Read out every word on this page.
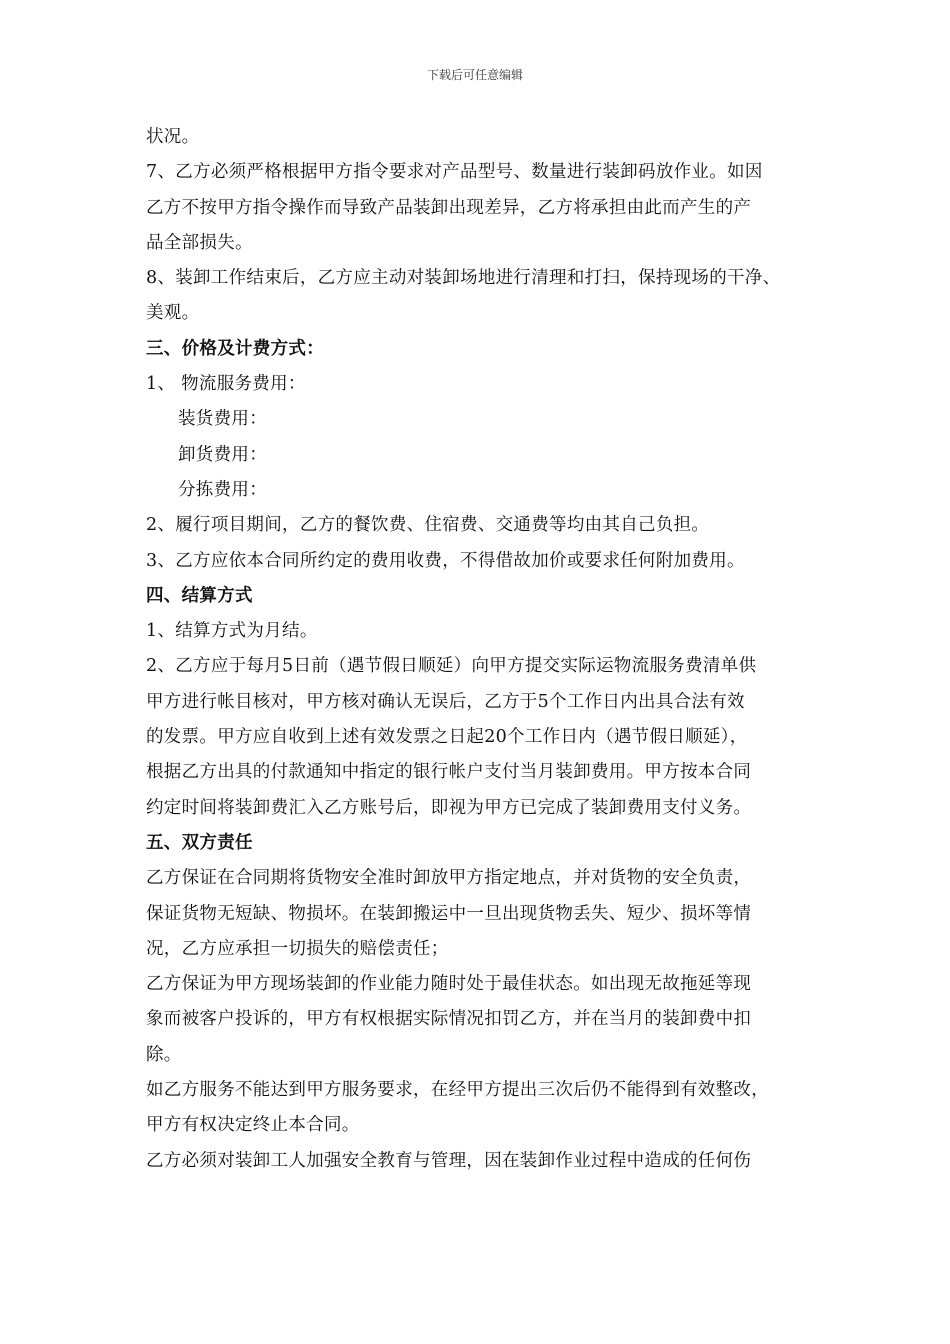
下载后可任意编辑
状况。
7、乙方必须严格根据甲方指令要求对产品型号、数量进行装卸码放作业。如因
乙方不按甲方指令操作而导致产品装卸出现差异，乙方将承担由此而产生的产
品全部损失。
8、装卸工作结束后，乙方应主动对装卸场地进行清理和打扫，保持现场的干净、
美观。
三、价格及计费方式：
1、 物流服务费用：
装货费用：
卸货费用：
分拣费用：
2、履行项目期间，乙方的餐饮费、住宿费、交通费等均由其自己负担。
3、乙方应依本合同所约定的费用收费，不得借故加价或要求任何附加费用。
四、结算方式
1、结算方式为月结。
2、乙方应于每月5日前（遇节假日顺延）向甲方提交实际运物流服务费清单供
甲方进行帐目核对，甲方核对确认无误后，乙方于5个工作日内出具合法有效
的发票。甲方应自收到上述有效发票之日起20个工作日内（遇节假日顺延），
根据乙方出具的付款通知中指定的银行帐户支付当月装卸费用。甲方按本合同
约定时间将装卸费汇入乙方账号后，即视为甲方已完成了装卸费用支付义务。
五、双方责任
乙方保证在合同期将货物安全准时卸放甲方指定地点，并对货物的安全负责，
保证货物无短缺、物损坏。在装卸搬运中一旦出现货物丢失、短少、损坏等情
况，乙方应承担一切损失的赔偿责任；
乙方保证为甲方现场装卸的作业能力随时处于最佳状态。如出现无故拖延等现
象而被客户投诉的，甲方有权根据实际情况扣罚乙方，并在当月的装卸费中扣
除。
如乙方服务不能达到甲方服务要求，在经甲方提出三次后仍不能得到有效整改，
甲方有权决定终止本合同。
乙方必须对装卸工人加强安全教育与管理，因在装卸作业过程中造成的任何伤
